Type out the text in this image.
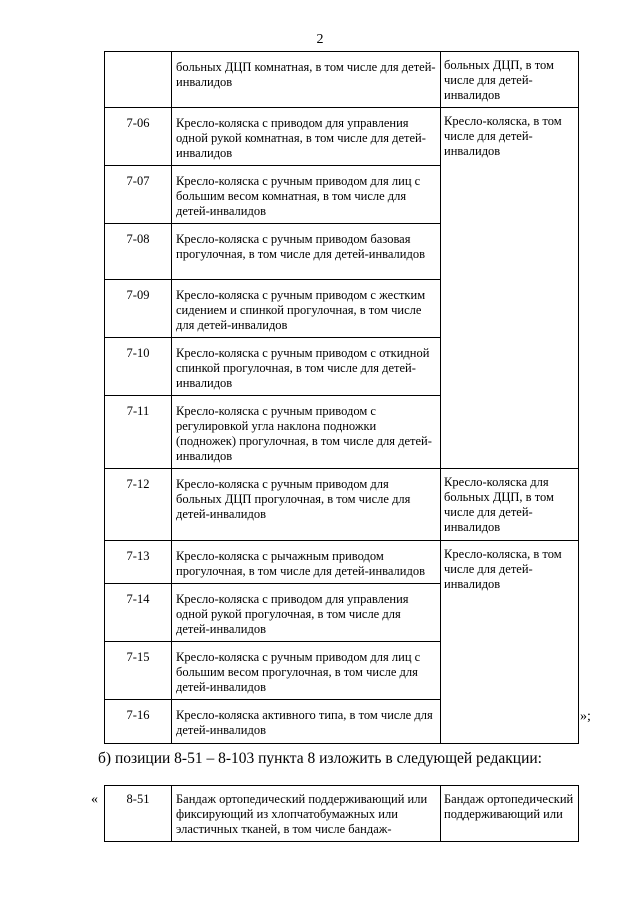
2
	больных ДЦП комнатная, в том числе для детей-инвалидов	больных ДЦП, в том числе для детей-инвалидов
7-06	Кресло-коляска с приводом для управления одной рукой комнатная, в том числе для детей-инвалидов	Кресло-коляска, в том числе для детей-инвалидов
7-07	Кресло-коляска с ручным приводом для лиц с большим весом комнатная, в том числе для детей-инвалидов	
7-08	Кресло-коляска с ручным приводом базовая прогулочная, в том числе для детей-инвалидов	
7-09	Кресло-коляска с ручным приводом с жестким сидением и спинкой прогулочная, в том числе для детей-инвалидов	
7-10	Кресло-коляска с ручным приводом с откидной спинкой прогулочная, в том числе для детей-инвалидов	
7-11	Кресло-коляска с ручным приводом с регулировкой угла наклона подножки (подножек) прогулочная, в том числе для детей-инвалидов	
7-12	Кресло-коляска с ручным приводом для больных ДЦП прогулочная, в том числе для детей-инвалидов	Кресло-коляска для больных ДЦП, в том числе для детей-инвалидов
7-13	Кресло-коляска с рычажным приводом прогулочная, в том числе для детей-инвалидов	Кресло-коляска, в том числе для детей-инвалидов
7-14	Кресло-коляска с приводом для управления одной рукой прогулочная, в том числе для детей-инвалидов	
7-15	Кресло-коляска с ручным приводом для лиц с большим весом прогулочная, в том числе для детей-инвалидов	
7-16	Кресло-коляска активного типа, в том числе для детей-инвалидов	
»;
б) позиции 8-51 – 8-103 пункта 8 изложить в следующей редакции:
« 8-51	Бандаж ортопедический поддерживающий или фиксирующий из хлопчатобумажных или эластичных тканей, в том числе бандаж-	Бандаж ортопедический поддерживающий или
